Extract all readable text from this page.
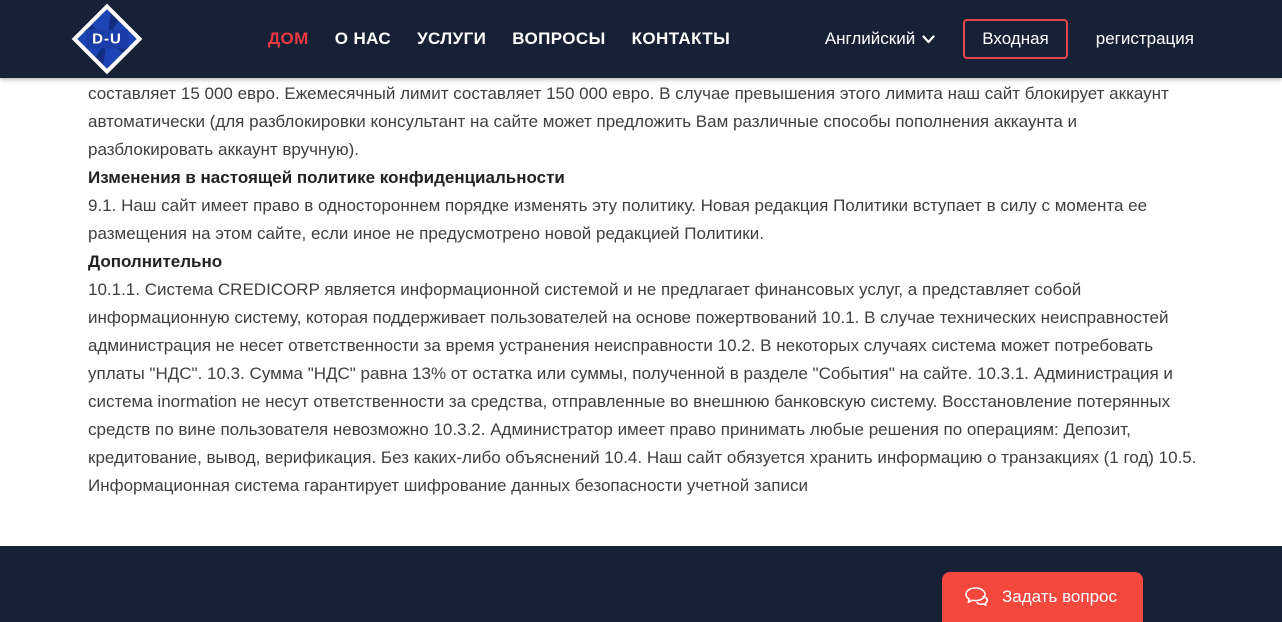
D-U	ДОМ О НАС УСЛУГИ ВОПРОСЫ КОНТАКТЫ	Английский	Входная	регистрация

составляет 15 000 евро. Ежемесячный лимит составляет 150 000 евро. В случае превышения этого лимита наш сайт блокирует аккаунт автоматически (для разблокировки консультант на сайте может предложить Вам различные способы пополнения аккаунта и разблокировать аккаунт вручную).

Изменения в настоящей политике конфиденциальности

9.1. Наш сайт имеет право в одностороннем порядке изменять эту политику. Новая редакция Политики вступает в силу с момента ее размещения на этом сайте, если иное не предусмотрено новой редакцией Политики.

Дополнительно

10.1.1. Система CREDICORP является информационной системой и не предлагает финансовых услуг, а представляет собой информационную систему, которая поддерживает пользователей на основе пожертвований 10.1. В случае технических неисправностей администрация не несет ответственности за время устранения неисправности 10.2. В некоторых случаях система может потребовать уплаты "НДС". 10.3. Сумма "НДС" равна 13% от остатка или суммы, полученной в разделе "События" на сайте. 10.3.1. Администрация и система inormation не несут ответственности за средства, отправленные во внешнюю банковскую систему. Восстановление потерянных средств по вине пользователя невозможно 10.3.2. Администратор имеет право принимать любые решения по операциям: Депозит, кредитование, вывод, верификация. Без каких-либо объяснений 10.4. Наш сайт обязуется хранить информацию о транзакциях (1 год) 10.5. Информационная система гарантирует шифрование данных безопасности учетной записи

Задать вопрос
